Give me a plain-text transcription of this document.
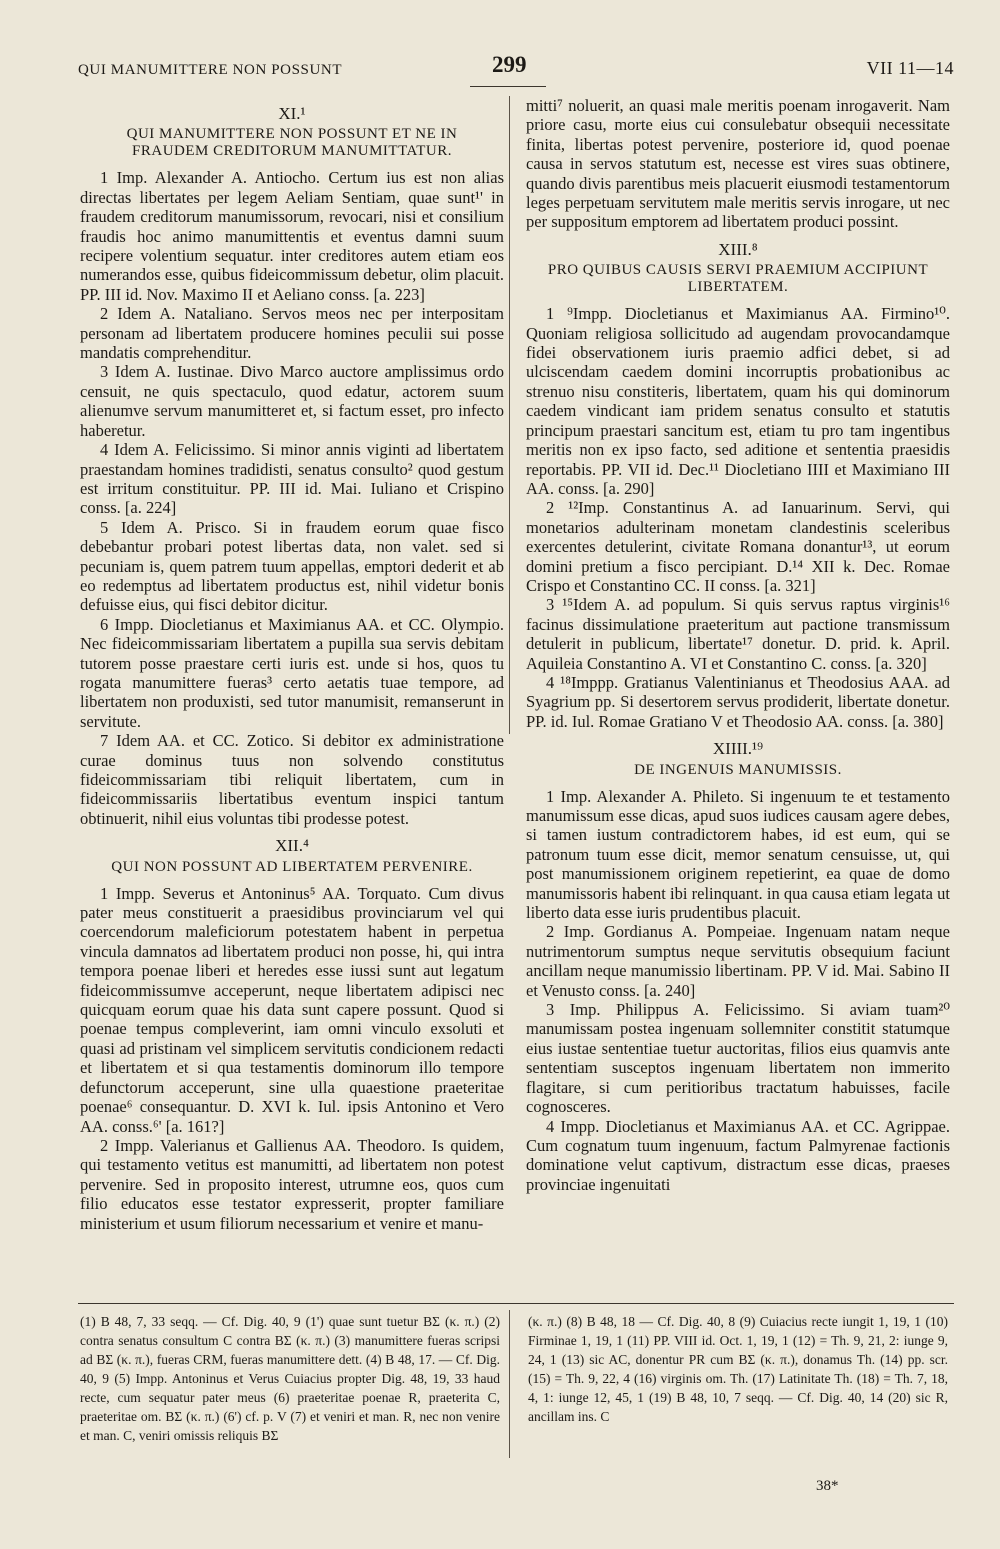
QUI MANUMITTERE NON POSSUNT	299	VII 11—14
XI.¹
QUI MANUMITTERE NON POSSUNT ET NE IN FRAUDEM CREDITORUM MANUMITTATUR.

1 Imp. Alexander A. Antiocho. Certum ius est non alias directas libertates per legem Aeliam Sentiam, quae sunt¹' in fraudem creditorum manumissorum, revocari, nisi et consilium fraudis hoc animo manumittentis et eventus damni suum recipere volentium sequatur. inter creditores autem etiam eos numerandos esse, quibus fideicommissum debetur, olim placuit. PP. III id. Nov. Maximo II et Aeliano conss. [a. 223]

2 Idem A. Nataliano. Servos meos nec per interpositam personam ad libertatem producere homines peculii sui posse mandatis comprehenditur.

3 Idem A. Iustinae. Divo Marco auctore amplissimus ordo censuit, ne quis spectaculo, quod edatur, actorem suum alienumve servum manumitteret et, si factum esset, pro infecto haberetur.

4 Idem A. Felicissimo. Si minor annis viginti ad libertatem praestandam homines tradidisti, senatus consulto² quod gestum est irritum constituitur. PP. III id. Mai. Iuliano et Crispino conss. [a. 224]

5 Idem A. Prisco. Si in fraudem eorum quae fisco debebantur probari potest libertas data, non valet. sed si pecuniam is, quem patrem tuum appellas, emptori dederit et ab eo redemptus ad libertatem productus est, nihil videtur bonis defuisse eius, qui fisci debitor dicitur.

6 Impp. Diocletianus et Maximianus AA. et CC. Olympio. Nec fideicommissariam libertatem a pupilla sua servis debitam tutorem posse praestare certi iuris est. unde si hos, quos tu rogata manumittere fueras³ certo aetatis tuae tempore, ad libertatem non produxisti, sed tutor manumisit, remanserunt in servitute.

7 Idem AA. et CC. Zotico. Si debitor ex administratione curae dominus tuus non solvendo constitutus fideicommissariam tibi reliquit libertatem, cum in fideicommissariis libertatibus eventum inspici tantum obtinuerit, nihil eius voluntas tibi prodesse potest.

XII.⁴
QUI NON POSSUNT AD LIBERTATEM PERVENIRE.

1 Impp. Severus et Antoninus⁵ AA. Torquato. Cum divus pater meus constituerit a praesidibus provinciarum vel qui coercendorum maleficiorum potestatem habent in perpetua vincula damnatos ad libertatem produci non posse, hi, qui intra tempora poenae liberi et heredes esse iussi sunt aut legatum fideicommissumve acceperunt, neque libertatem adipisci nec quicquam eorum quae his data sunt capere possunt. Quod si poenae tempus compleverint, iam omni vinculo exsoluti et quasi ad pristinam vel simplicem servitutis condicionem redacti et libertatem et si qua testamentis dominorum illo tempore defunctorum acceperunt, sine ulla quaestione praeteritae poenae⁶ consequantur. D. XVI k. Iul. ipsis Antonino et Vero AA. conss.⁶' [a. 161?]

2 Impp. Valerianus et Gallienus AA. Theodoro. Is quidem, qui testamento vetitus est manumitti, ad libertatem non potest pervenire. Sed in proposito interest, utrumne eos, quos cum filio educatos esse testator expresserit, propter familiare ministerium et usum filiorum necessarium et venire et manu-

mitti⁷ noluerit, an quasi male meritis poenam inrogaverit. Nam priore casu, morte eius cui consulebatur obsequii necessitate finita, libertas potest pervenire, posteriore id, quod poenae causa in servos statutum est, necesse est vires suas obtinere, quando divis parentibus meis placuerit eiusmodi testamentorum leges perpetuam servitutem male meritis servis inrogare, ut nec per suppositum emptorem ad libertatem produci possint.

XIII.⁸
PRO QUIBUS CAUSIS SERVI PRAEMIUM ACCIPIUNT LIBERTATEM.

1 ⁹Impp. Diocletianus et Maximianus AA. Firmino¹⁰. Quoniam religiosa sollicitudo ad augendam provocandamque fidei observationem iuris praemio adfici debet, si ad ulciscendam caedem domini incorruptis probationibus ac strenuo nisu constiteris, libertatem, quam his qui dominorum caedem vindicant iam pridem senatus consulto et statutis principum praestari sancitum est, etiam tu pro tam ingentibus meritis non ex ipso facto, sed aditione et sententia praesidis reportabis. PP. VII id. Dec.¹¹ Diocletiano IIII et Maximiano III AA. conss. [a. 290]

2 ¹²Imp. Constantinus A. ad Ianuarinum. Servi, qui monetarios adulterinam monetam clandestinis sceleribus exercentes detulerint, civitate Romana donantur¹³, ut eorum domini pretium a fisco percipiant. D.¹⁴ XII k. Dec. Romae Crispo et Constantino CC. II conss. [a. 321]

3 ¹⁵Idem A. ad populum. Si quis servus raptus virginis¹⁶ facinus dissimulatione praeteritum aut pactione transmissum detulerit in publicum, libertate¹⁷ donetur. D. prid. k. April. Aquileia Constantino A. VI et Constantino C. conss. [a. 320]

4 ¹⁸Imppp. Gratianus Valentinianus et Theodosius AAA. ad Syagrium pp. Si desertorem servus prodiderit, libertate donetur. PP. id. Iul. Romae Gratiano V et Theodosio AA. conss. [a. 380]

XIIII.¹⁹
DE INGENUIS MANUMISSIS.

1 Imp. Alexander A. Phileto. Si ingenuum te et testamento manumissum esse dicas, apud suos iudices causam agere debes, si tamen iustum contradictorem habes, id est eum, qui se patronum tuum esse dicit, memor senatum censuisse, ut, qui post manumissionem originem repetierint, ea quae de domo manumissoris habent ibi relinquant. in qua causa etiam legata ut liberto data esse iuris prudentibus placuit.

2 Imp. Gordianus A. Pompeiae. Ingenuam natam neque nutrimentorum sumptus neque servitutis obsequium faciunt ancillam neque manumissio libertinam. PP. V id. Mai. Sabino II et Venusto conss. [a. 240]

3 Imp. Philippus A. Felicissimo. Si aviam tuam²⁰ manumissam postea ingenuam sollemniter constitit statumque eius iustae sententiae tuetur auctoritas, filios eius quamvis ante sententiam susceptos ingenuam libertatem non immerito flagitare, si cum peritioribus tractatum habuisses, facile cognosceres.

4 Impp. Diocletianus et Maximianus AA. et CC. Agrippae. Cum cognatum tuum ingenuum, factum Palmyrenae factionis dominatione velut captivum, distractum esse dicas, praeses provinciae ingenuitati

(1) B 48, 7, 33 seqq. — Cf. Dig. 40, 9 (1') quae sunt tuetur BΣ (κ. π.) (2) contra senatus consultum C contra BΣ (κ. π.) (3) manumittere fueras scripsi ad BΣ (κ. π.), fueras CRM, fueras manumittere dett. (4) B 48, 17. — Cf. Dig. 40, 9 (5) Impp. Antoninus et Verus Cuiacius propter Dig. 48, 19, 33 haud recte, cum sequatur pater meus (6) praeteritae poenae R, praeterita C, praeteritae om. BΣ (κ. π.) (6') cf. p. V (7) et veniri et man. R, nec non venire et man. C, veniri omissis reliquis BΣ
(κ. π.) (8) B 48, 18 — Cf. Dig. 40, 8 (9) Cuiacius recte iungit 1, 19, 1 (10) Firminae 1, 19, 1 (11) PP. VIII id. Oct. 1, 19, 1 (12) = Th. 9, 21, 2: iunge 9, 24, 1 (13) sic AC, donentur PR cum BΣ (κ. π.), donamus Th. (14) pp. scr. (15) = Th. 9, 22, 4 (16) virginis om. Th. (17) Latinitate Th. (18) = Th. 7, 18, 4, 1: iunge 12, 45, 1 (19) B 48, 10, 7 seqq. — Cf. Dig. 40, 14 (20) sic R, ancillam ins. C
38*
